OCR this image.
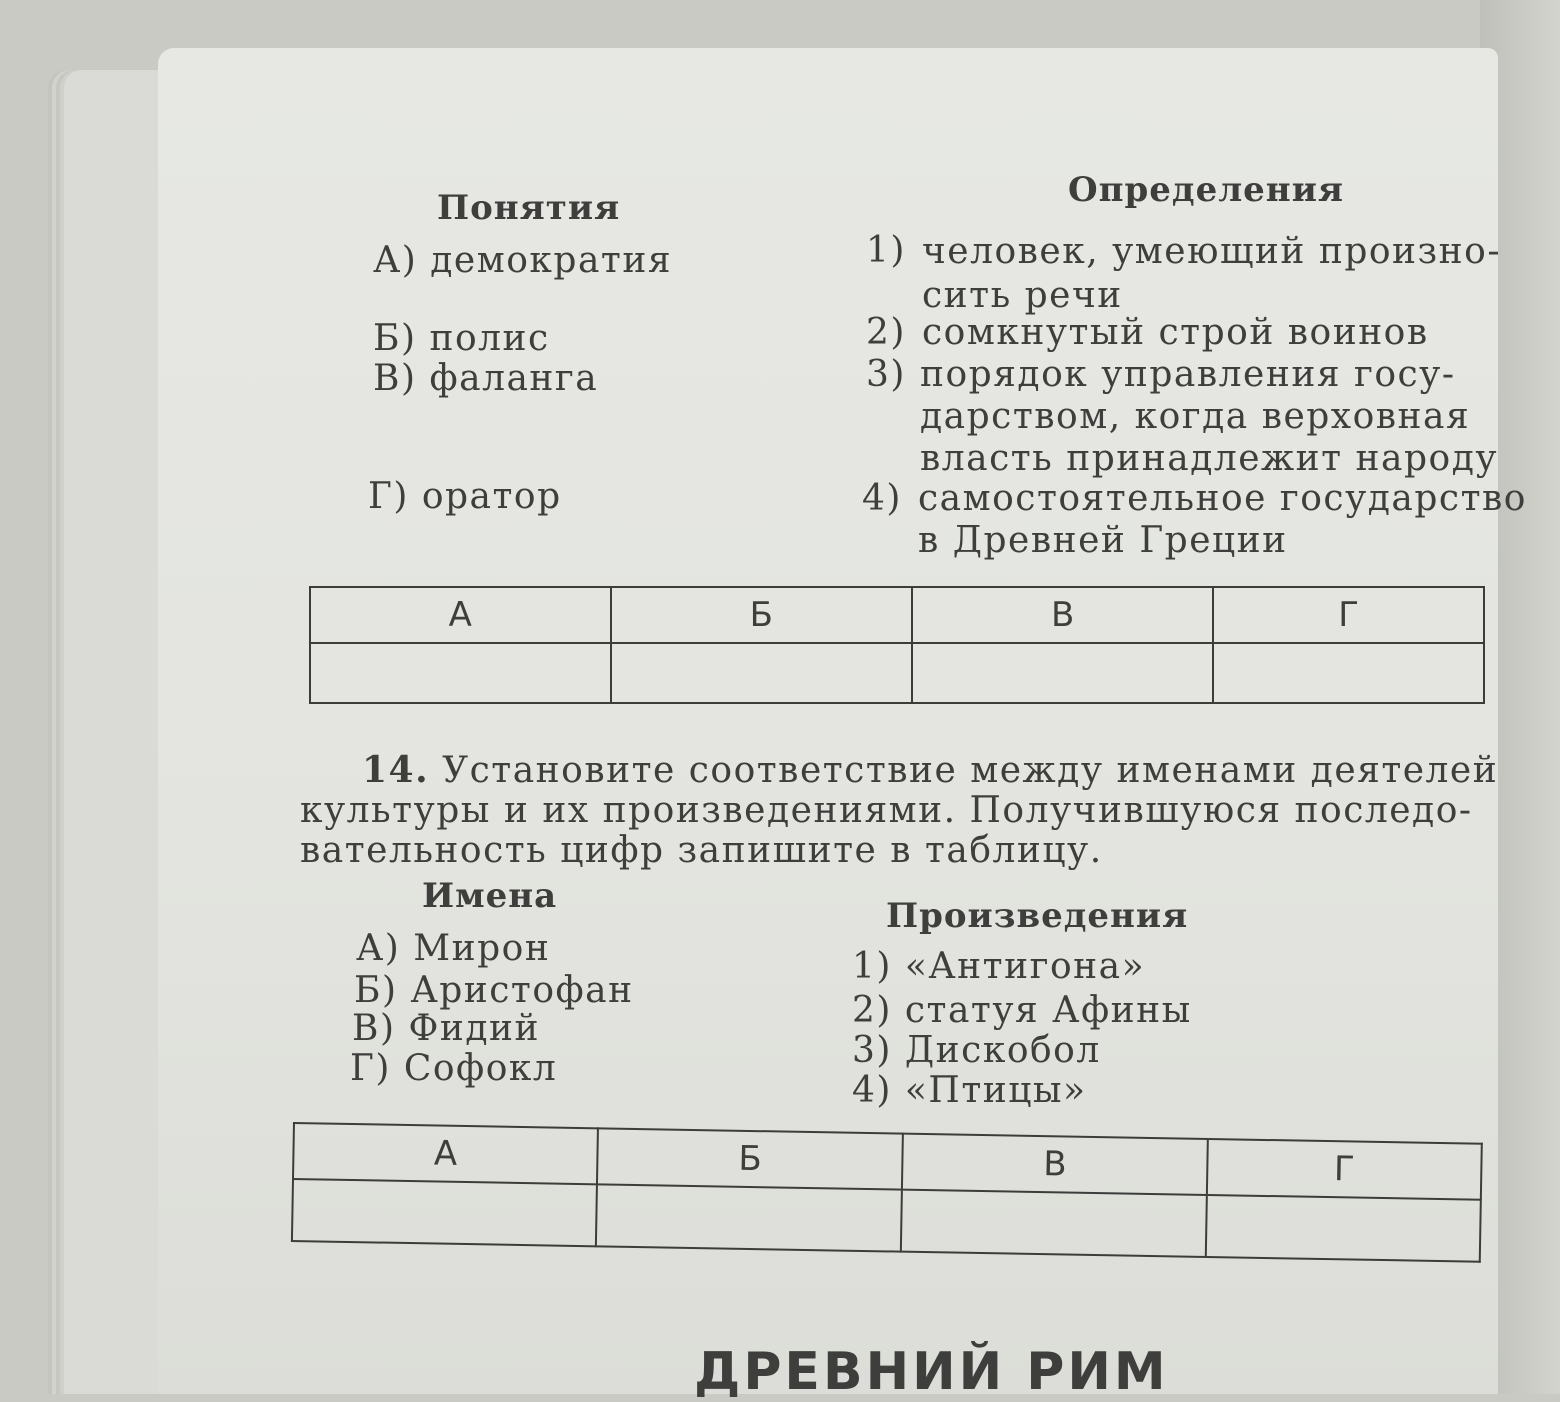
Понятия	Определения
А) демократия
Б) полис
В) фаланга
Г) оратор
1) человек, умеющий произно-
сить речи
2) сомкнутый строй воинов
3) порядок управления госу-
дарством, когда верховная
власть принадлежит народу
4) самостоятельное государство
в Древней Греции
А	Б	В	Г

14. Установите соответствие между именами деятелей
культуры и их произведениями. Получившуюся последо-
вательность цифр запишите в таблицу.
Имена	Произведения
А) Мирон
Б) Аристофан
В) Фидий
Г) Софокл
1) «Антигона»
2) статуя Афины
3) Дискобол
4) «Птицы»
А	Б	В	Г

ДРЕВНИЙ РИМ
